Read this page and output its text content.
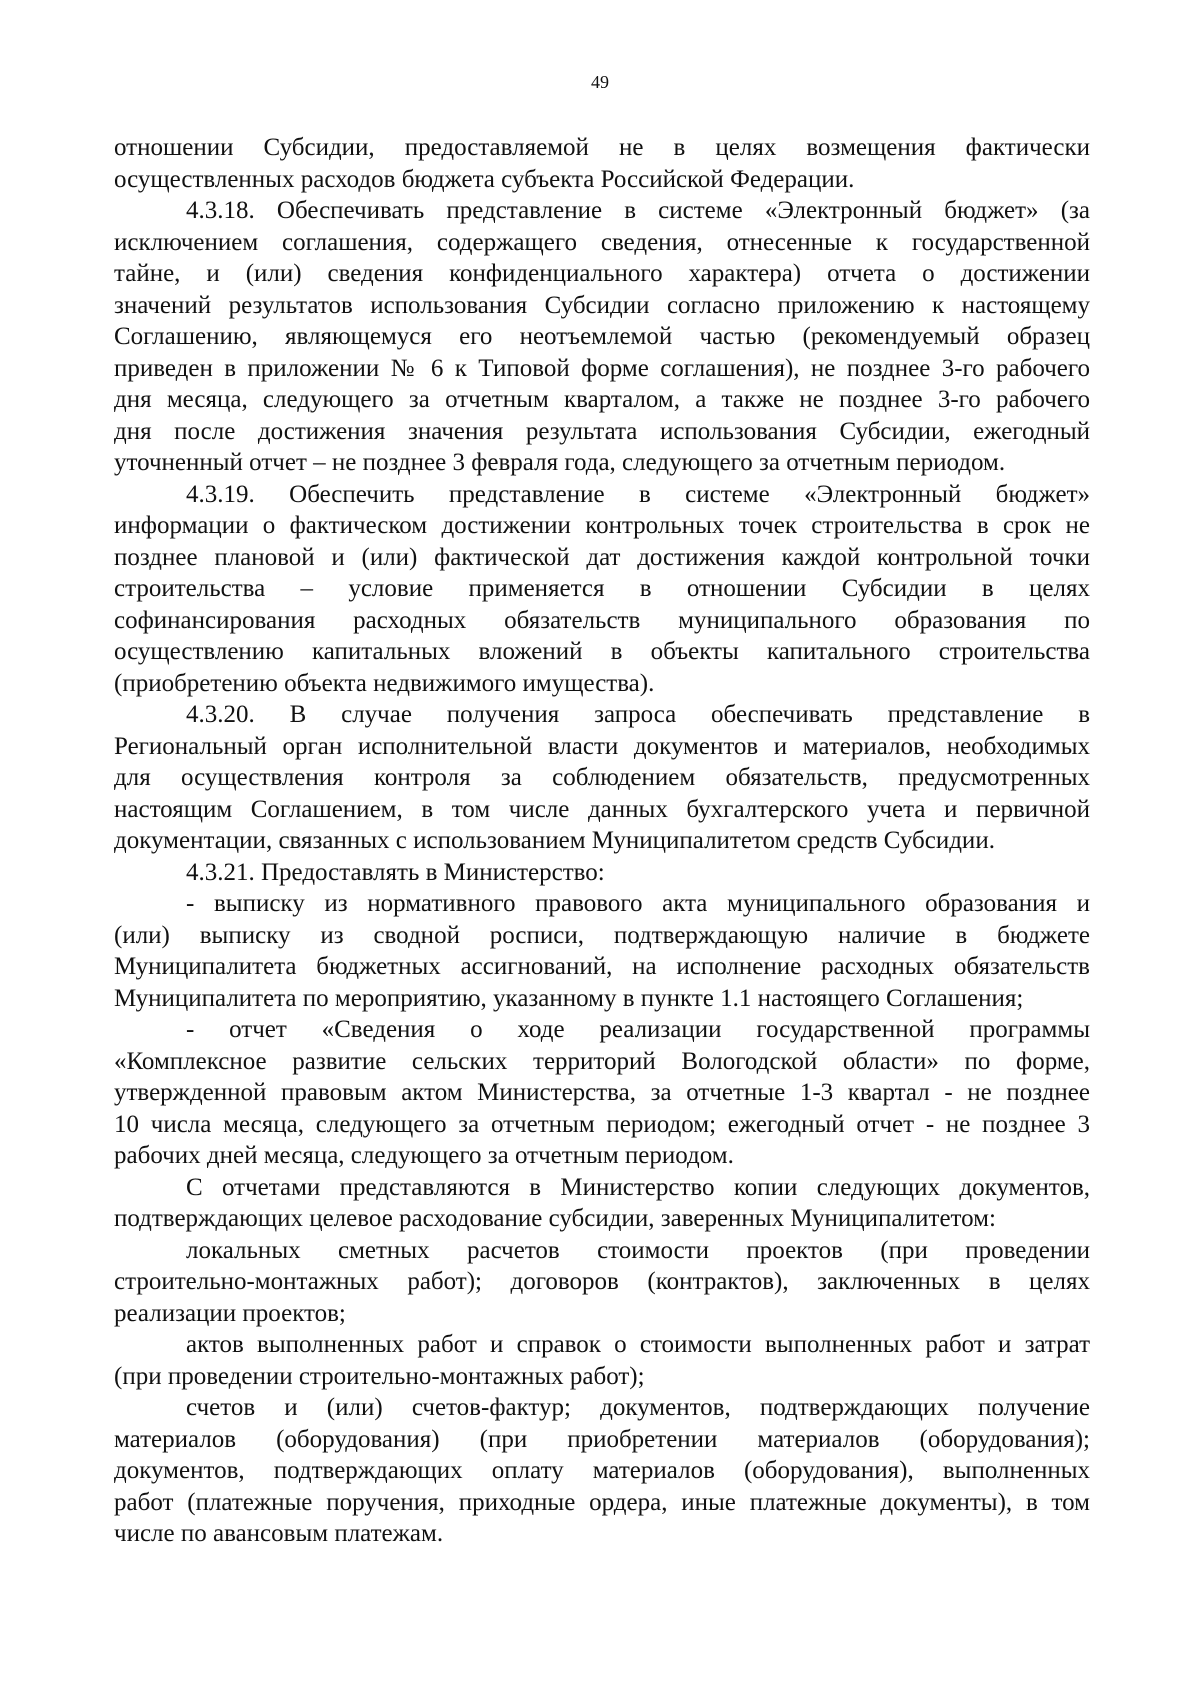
49
отношении Субсидии, предоставляемой не в целях возмещения фактически
осуществленных расходов бюджета субъекта Российской Федерации.
4.3.18. Обеспечивать представление в системе «Электронный бюджет» (за
исключением соглашения, содержащего сведения, отнесенные к государственной
тайне, и (или) сведения конфиденциального характера) отчета о достижении
значений результатов использования Субсидии согласно приложению к настоящему
Соглашению, являющемуся его неотъемлемой частью (рекомендуемый образец
приведен в приложении № 6 к Типовой форме соглашения), не позднее 3-го рабочего
дня месяца, следующего за отчетным кварталом, а также не позднее 3-го рабочего
дня после достижения значения результата использования Субсидии, ежегодный
уточненный отчет – не позднее 3 февраля года, следующего за отчетным периодом.
4.3.19. Обеспечить представление в системе «Электронный бюджет»
информации о фактическом достижении контрольных точек строительства в срок не
позднее плановой и (или) фактической дат достижения каждой контрольной точки
строительства – условие применяется в отношении Субсидии в целях
софинансирования расходных обязательств муниципального образования по
осуществлению капитальных вложений в объекты капитального строительства
(приобретению объекта недвижимого имущества).
4.3.20. В случае получения запроса обеспечивать представление в
Региональный орган исполнительной власти документов и материалов, необходимых
для осуществления контроля за соблюдением обязательств, предусмотренных
настоящим Соглашением, в том числе данных бухгалтерского учета и первичной
документации, связанных с использованием Муниципалитетом средств Субсидии.
4.3.21. Предоставлять в Министерство:
- выписку из нормативного правового акта муниципального образования и
(или) выписку из сводной росписи, подтверждающую наличие в бюджете
Муниципалитета бюджетных ассигнований, на исполнение расходных обязательств
Муниципалитета по мероприятию, указанному в пункте 1.1 настоящего Соглашения;
- отчет «Сведения о ходе реализации государственной программы
«Комплексное развитие сельских территорий Вологодской области» по форме,
утвержденной правовым актом Министерства, за отчетные 1-3 квартал - не позднее
10 числа месяца, следующего за отчетным периодом; ежегодный отчет - не позднее 3
рабочих дней месяца, следующего за отчетным периодом.
С отчетами представляются в Министерство копии следующих документов,
подтверждающих целевое расходование субсидии, заверенных Муниципалитетом:
локальных сметных расчетов стоимости проектов (при проведении
строительно-монтажных работ); договоров (контрактов), заключенных в целях
реализации проектов;
актов выполненных работ и справок о стоимости выполненных работ и затрат
(при проведении строительно-монтажных работ);
счетов и (или) счетов-фактур; документов, подтверждающих получение
материалов (оборудования) (при приобретении материалов (оборудования);
документов, подтверждающих оплату материалов (оборудования), выполненных
работ (платежные поручения, приходные ордера, иные платежные документы), в том
числе по авансовым платежам.
